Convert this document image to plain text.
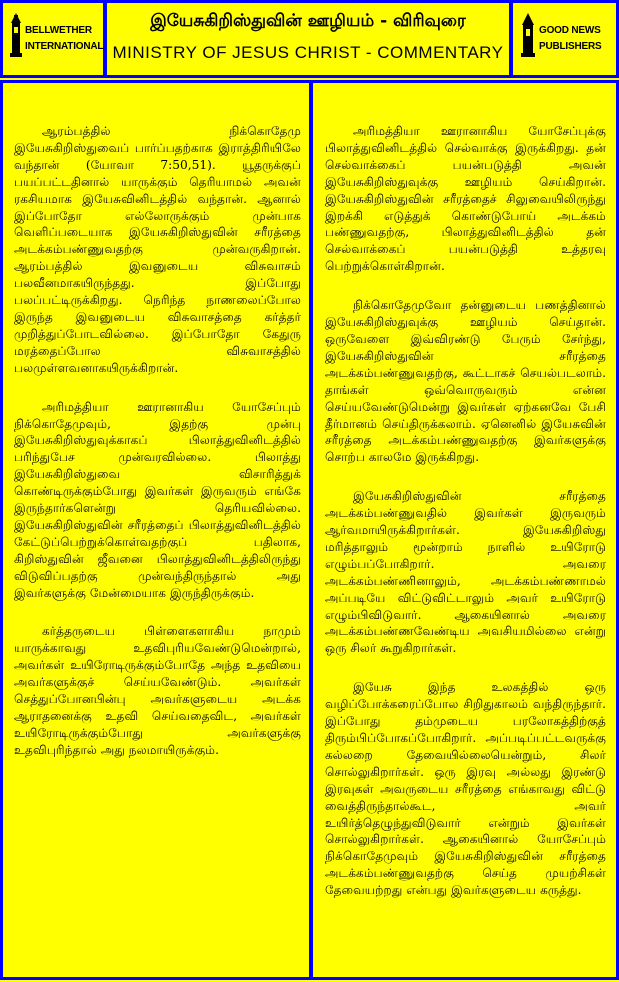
BELLWETHER
INTERNATIONAL
இயேசுகிறிஸ்துவின் ஊழியம் - விரிவுரை
MINISTRY OF JESUS CHRIST - COMMENTARY
GOOD NEWS
PUBLISHERS

ஆரம்பத்தில் நிக்கொதேமு இயேசுகிறிஸ்துவைப் பார்ப்பதற்காக இராத்திரியிலே வந்தான் (யோவா 7:50,51). யூதருக்குப் பயப்பட்டதினால் யாருக்கும் தெரியாமல் அவன் ரகசியமாக இயேசுவினிடத்தில் வந்தான். ஆனால் இப்போதோ எல்லோருக்கும் முன்பாக வெளிப்படையாக இயேசுகிறிஸ்துவின் சரீரத்தை அடக்கம்பண்ணுவதற்கு முன்வருகிறான். ஆரம்பத்தில் இவனுடைய விசுவாசம் பலவீனமாகயிருந்தது. இப்போது பலப்பட்டிருக்கிறது. நெரிந்த நாணலைப்போல இருந்த இவனுடைய விசுவாசத்தை கர்த்தர் முறித்துப்போடவில்லை. இப்போதோ கேதுரு மரத்தைப்போல விசுவாசத்தில் பலமுள்ளவனாகயிருக்கிறான்.

அரிமத்தியா ஊரானாகிய யோசேப்பும் நிக்கொதேமுவும், இதற்கு முன்பு இயேசுகிறிஸ்துவுக்காகப் பிலாத்துவினிடத்தில் பரிந்துபேச முன்வரவில்லை. பிலாத்து இயேசுகிறிஸ்துவை விசாரித்துக் கொண்டிருக்கும்போது இவர்கள் இருவரும் எங்கே இருந்தார்களென்று தெரியவில்லை. இயேசுகிறிஸ்துவின் சரீரத்தைப் பிலாத்துவினிடத்தில் கேட்டுப்பெற்றுக்கொள்வதற்குப் பதிலாக, கிறிஸ்துவின் ஜீவனை பிலாத்துவினிடத்திலிருந்து விடுவிப்பதற்கு முன்வந்திருந்தால் அது இவர்களுக்கு மேன்மையாக இருந்திருக்கும்.

கர்த்தருடைய பிள்ளைகளாகிய நாமும் யாருக்காவது உதவிபுரியவேண்டுமென்றால், அவர்கள் உயிரோடிருக்கும்போதே அந்த உதவியை அவர்களுக்குச் செய்யவேண்டும். அவர்கள் செத்துப்போனபின்பு அவர்களுடைய அடக்க ஆராதனைக்கு உதவி செய்வதைவிட, அவர்கள் உயிரோடிருக்கும்போது அவர்களுக்கு உதவிபுரிந்தால் அது நலமாயிருக்கும்.

அரிமத்தியா ஊரானாகிய யோசேப்புக்கு பிலாத்துவினிடத்தில் செல்வாக்கு இருக்கிறது. தன் செல்வாக்கைப் பயன்படுத்தி அவன் இயேசுகிறிஸ்துவுக்கு ஊழியம் செய்கிறான். இயேசுகிறிஸ்துவின் சரீரத்தைச் சிலுவையிலிருந்து இறக்கி எடுத்துக் கொண்டுபோய் அடக்கம் பண்ணுவதற்கு, பிலாத்துவினிடத்தில் தன் செல்வாக்கைப் பயன்படுத்தி உத்தரவு பெற்றுக்கொள்கிறான்.

நிக்கொதேமுவோ தன்னுடைய பணத்தினால் இயேசுகிறிஸ்துவுக்கு ஊழியம் செய்தான். ஒருவேளை இவ்விரண்டு பேரும் சேர்ந்து, இயேசுகிறிஸ்துவின் சரீரத்தை அடக்கம்பண்ணுவதற்கு, கூட்டாகச் செயல்படலாம். தாங்கள் ஒவ்வொருவரும் என்ன செய்யவேண்டுமென்று இவர்கள் ஏற்கனவே பேசி தீர்மானம் செய்திருக்கலாம். ஏனெனில் இயேசுவின் சரீரத்தை அடக்கம்பண்ணுவதற்கு இவர்களுக்கு சொற்ப காலமே இருக்கிறது.

இயேசுகிறிஸ்துவின் சரீரத்தை அடக்கம்பண்ணுவதில் இவர்கள் இருவரும் ஆர்வமாயிருக்கிறார்கள். இயேசுகிறிஸ்து மரித்தாலும் மூன்றாம் நாளில் உயிரோடு எழும்பப்போகிறார். அவரை அடக்கம்பண்ணினாலும், அடக்கம்பண்ணாமல் அப்படியே விட்டுவிட்டாலும் அவர் உயிரோடு எழும்பிவிடுவார். ஆகையினால் அவரை அடக்கம்பண்ணவேண்டிய அவசியமில்லை என்று ஒரு சிலர் கூறுகிறார்கள்.

இயேசு இந்த உலகத்தில் ஒரு வழிப்போக்கரைப்போல சிறிதுகாலம் வந்திருந்தார். இப்போது தம்முடைய பரலோகத்திற்குத் திரும்பிப்போகப்போகிறார். அப்படிப்பட்டவருக்கு கல்லறை தேவையில்லையென்றும், சிலர் சொல்லுகிறார்கள். ஒரு இரவு அல்லது இரண்டு இரவுகள் அவருடைய சரீரத்தை எங்காவது விட்டு வைத்திருந்தால்கூட, அவர் உயிர்த்தெழுந்துவிடுவார் என்றும் இவர்கள் சொல்லுகிறார்கள். ஆகையினால் யோசேப்பும் நிக்கொதேமுவும் இயேசுகிறிஸ்துவின் சரீரத்தை அடக்கம்பண்ணுவதற்கு செய்த முயற்சிகள் தேவையற்றது என்பது இவர்களுடைய கருத்து.
